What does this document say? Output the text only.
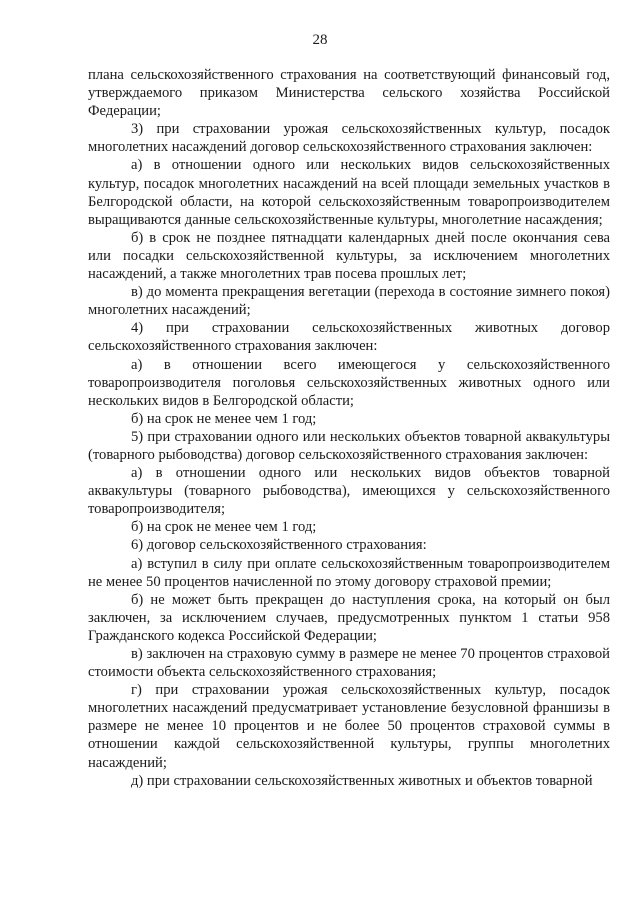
28

плана сельскохозяйственного страхования на соответствующий финансовый год, утверждаемого приказом Министерства сельского хозяйства Российской Федерации;

3) при страховании урожая сельскохозяйственных культур, посадок многолетних насаждений договор сельскохозяйственного страхования заключен:

а) в отношении одного или нескольких видов сельскохозяйственных культур, посадок многолетних насаждений на всей площади земельных участков в Белгородской области, на которой сельскохозяйственным товаропроизводителем выращиваются данные сельскохозяйственные культуры, многолетние насаждения;

б) в срок не позднее пятнадцати календарных дней после окончания сева или посадки сельскохозяйственной культуры, за исключением многолетних насаждений, а также многолетних трав посева прошлых лет;

в) до момента прекращения вегетации (перехода в состояние зимнего покоя) многолетних насаждений;

4) при страховании сельскохозяйственных животных договор сельскохозяйственного страхования заключен:

а) в отношении всего имеющегося у сельскохозяйственного товаропроизводителя поголовья сельскохозяйственных животных одного или нескольких видов в Белгородской области;

б) на срок не менее чем 1 год;

5) при страховании одного или нескольких объектов товарной аквакультуры (товарного рыбоводства) договор сельскохозяйственного страхования заключен:

а) в отношении одного или нескольких видов объектов товарной аквакультуры (товарного рыбоводства), имеющихся у сельскохозяйственного товаропроизводителя;

б) на срок не менее чем 1 год;

6) договор сельскохозяйственного страхования:

а) вступил в силу при оплате сельскохозяйственным товаропроизводителем не менее 50 процентов начисленной по этому договору страховой премии;

б) не может быть прекращен до наступления срока, на который он был заключен, за исключением случаев, предусмотренных пунктом 1 статьи 958 Гражданского кодекса Российской Федерации;

в) заключен на страховую сумму в размере не менее 70 процентов страховой стоимости объекта сельскохозяйственного страхования;

г) при страховании урожая сельскохозяйственных культур, посадок многолетних насаждений предусматривает установление безусловной франшизы в размере не менее 10 процентов и не более 50 процентов страховой суммы в отношении каждой сельскохозяйственной культуры, группы многолетних насаждений;

д) при страховании сельскохозяйственных животных и объектов товарной
